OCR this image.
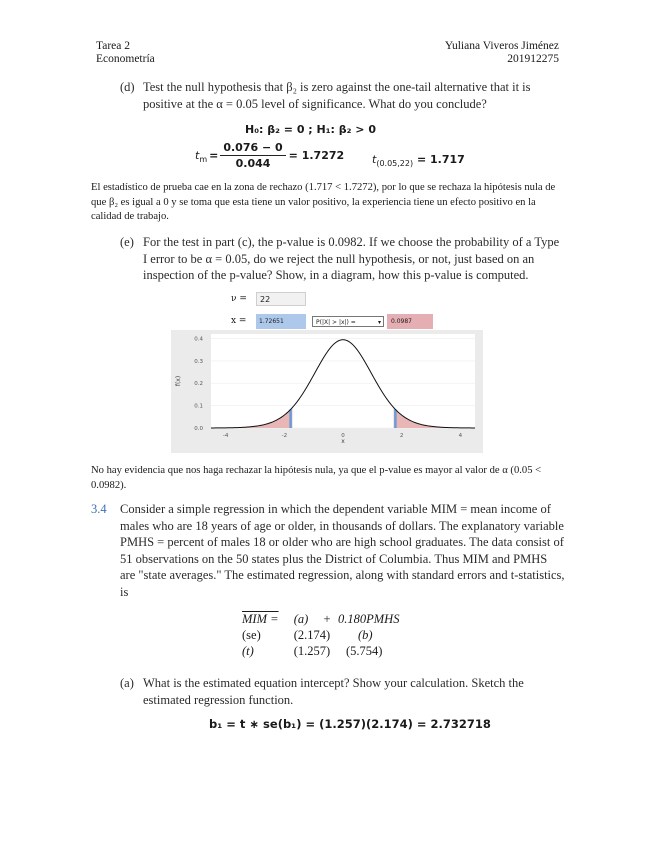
Tarea 2
Econometría
Yuliana Viveros Jiménez
201912275
(d) Test the null hypothesis that β₂ is zero against the one-tail alternative that it is positive at the α = 0.05 level of significance. What do you conclude?
H₀: β₂ = 0 ; H₁: β₂ > 0
t $m = \frac{0.076 - 0}{0.044} = 1.7272$	$t_{(0.05,22)} = 1.717$
El estadístico de prueba cae en la zona de rechazo (1.717 < 1.7272), por lo que se rechaza la hipótesis nula de que β₂ es igual a 0 y se toma que esta tiene un valor positivo, la experiencia tiene un efecto positivo en la calidad de trabajo.
(e) For the test in part (c), the p-value is 0.0982. If we choose the probability of a Type I error to be α = 0.05, do we reject the null hypothesis, or not, just based on an inspection of the p-value? Show, in a diagram, how this p-value is computed.
ν =	22
x =	1.72651	P(|X| > |x|) =	▾	0.0987
-4	-2	0	2	4
0.0
0.1
0.2
0.3
0.4
x
f(x)
No hay evidencia que nos haga rechazar la hipótesis nula, ya que el p-value es mayor al valor de α (0.05 < 0.0982).
3.4 Consider a simple regression in which the dependent variable MIM = mean income of males who are 18 years of age or older, in thousands of dollars. The explanatory variable PMHS = percent of males 18 or older who are high school graduates. The data consist of 51 observations on the 50 states plus the District of Columbia. Thus MIM and PMHS are "state averages." The estimated regression, along with standard errors and t-statistics, is
MIM =	(a)	+ 0.180PMHS
(se)	(2.174)	(b)
(t)	(1.257)	(5.754)
(a) What is the estimated equation intercept? Show your calculation. Sketch the estimated regression function.
b₁ = t ∗ se(b₁) = (1.257)(2.174) = 2.732718
